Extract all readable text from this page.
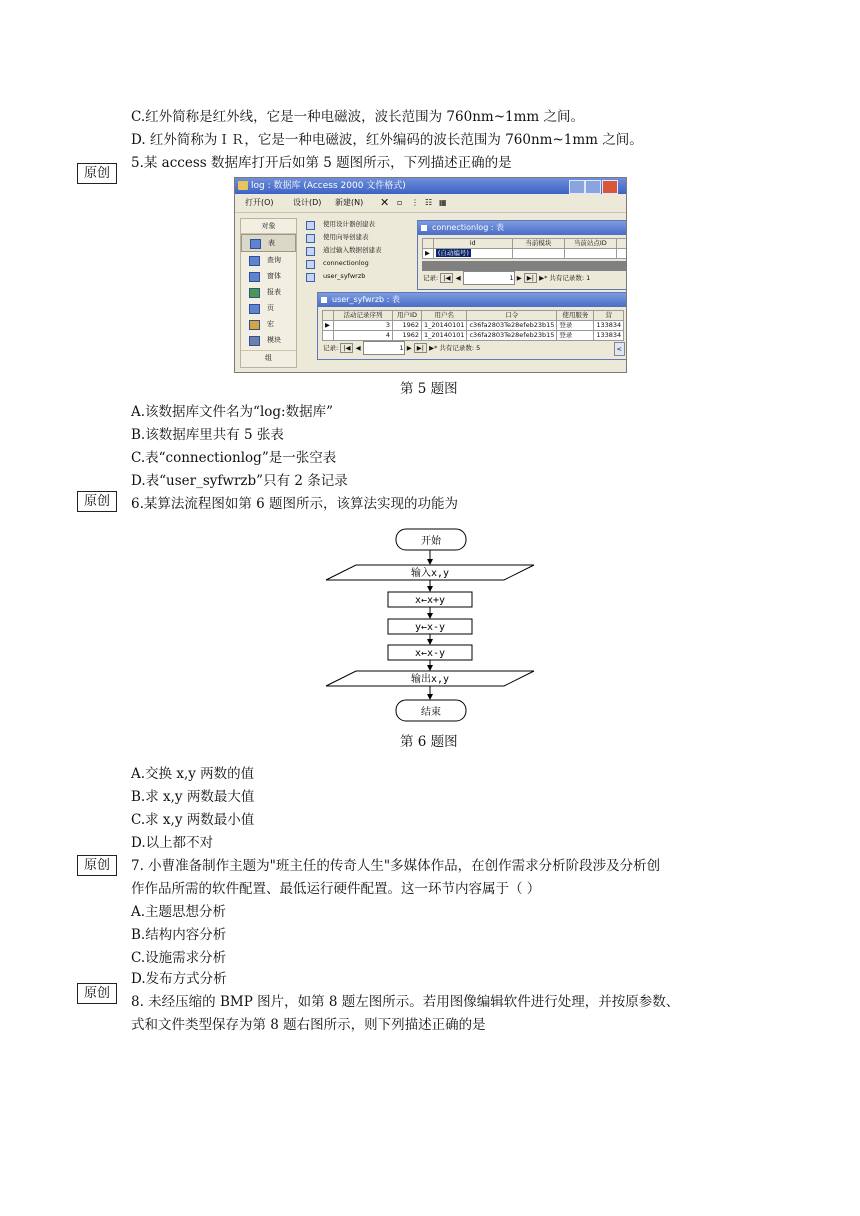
C.红外简称是红外线，它是一种电磁波，波长范围为 760nm~1mm 之间。
D. 红外简称为ＩＲ，它是一种电磁波，红外编码的波长范围为 760nm~1mm 之间。
原创
5.某 access 数据库打开后如第 5 题图所示，下列描述正确的是
log : 数据库 (Access 2000 文件格式)
打开(O) 设计(D) 新建(N) ✕ ▫ ⋮ ☷ ▦
对象
表
查询
窗体
报表
页
宏
模块
组
使用设计器创建表
使用向导创建表
通过输入数据创建表
connectionlog
user_syfwrzb
connectionlog : 表
	id	当前模块	当前站点ID	
▶	(自动编号)			
记录: |◀ ◀	1 ▶ ▶| ▶* 共有记录数: 1
user_syfwrzb : 表
	活动记录序列	用户ID	用户名	口令	使用服务	营
▶	3	1962	1_20140101	c36fa2803Te28efeb23b15	登录	133834
	4	1962	1_20140101	c36fa2803Te28efeb23b15	登录	133834
记录: |◀ ◀	1 ▶ ▶| ▶* 共有记录数: 5	<
第 5 题图
A.该数据库文件名为“log:数据库”
B.该数据库里共有 5 张表
C.表“connectionlog”是一张空表
D.表“user_syfwrzb”只有 2 条记录
原创	6.某算法流程图如第 6 题图所示，该算法实现的功能为
开始
输入x,y
x←x+y
y←x-y
x←x-y
输出x,y
结束
第 6 题图
A.交换 x,y 两数的值
B.求 x,y 两数最大值
C.求 x,y 两数最小值
D.以上都不对
原创	7. 小曹准备制作主题为"班主任的传奇人生"多媒体作品，在创作需求分析阶段涉及分析创
作作品所需的软件配置、最低运行硬件配置。这一环节内容属于（ ）
A.主题思想分析
B.结构内容分析
C.设施需求分析
D.发布方式分析
原创
8. 未经压缩的 BMP 图片，如第 8 题左图所示。若用图像编辑软件进行处理，并按原参数、
式和文件类型保存为第 8 题右图所示，则下列描述正确的是
